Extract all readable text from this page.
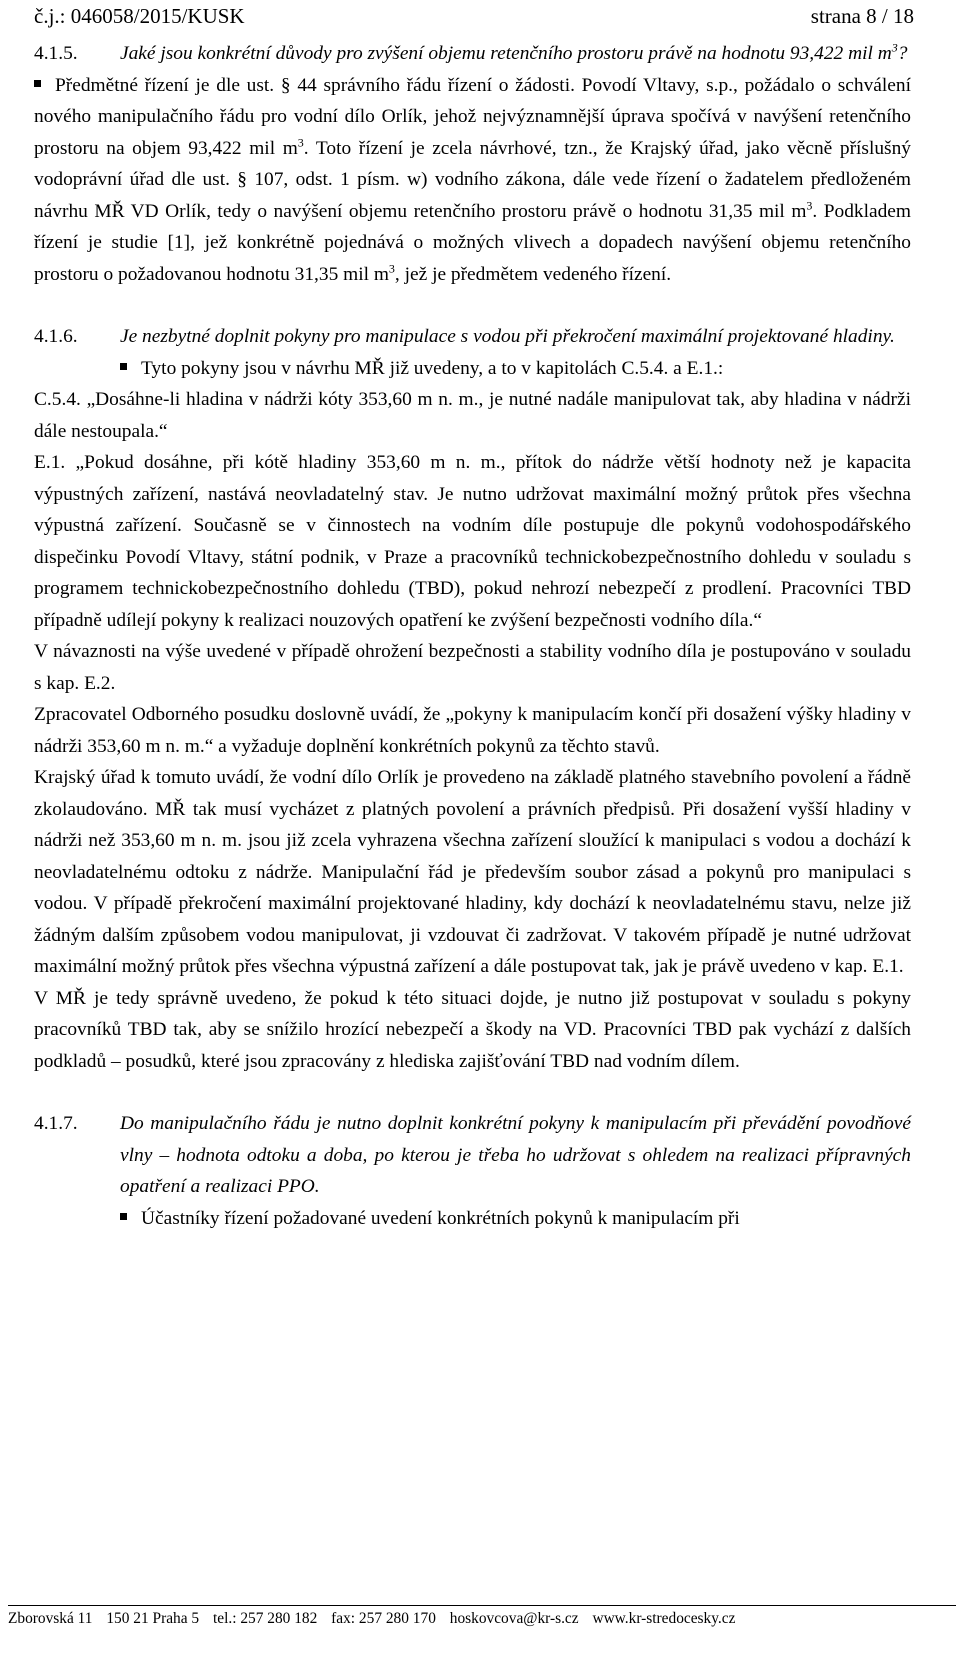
č.j.: 046058/2015/KUSK	strana 8 / 18
4.1.5.	Jaké jsou konkrétní důvody pro zvýšení objemu retenčního prostoru právě na hodnotu 93,422 mil $m^3$?

Předmětné řízení je dle ust. § 44 správního řádu řízení o žádosti. Povodí Vltavy, s.p., požádalo o schválení nového manipulačního řádu pro vodní dílo Orlík, jehož nejvýznamnější úprava spočívá v navýšení retenčního prostoru na objem 93,422 mil $m^3$. Toto řízení je zcela návrhové, tzn., že Krajský úřad, jako věcně příslušný vodoprávní úřad dle ust. § 107, odst. 1 písm. w) vodního zákona, dále vede řízení o žadatelem předloženém návrhu MŘ VD Orlík, tedy o navýšení objemu retenčního prostoru právě o hodnotu 31,35 mil $m^3$. Podkladem řízení je studie [1], jež konkrétně pojednává o možných vlivech a dopadech navýšení objemu retenčního prostoru o požadovanou hodnotu 31,35 mil $m^3$, jež je předmětem vedeného řízení.

4.1.6.	Je nezbytné doplnit pokyny pro manipulace s vodou při překročení maximální projektované hladiny.

Tyto pokyny jsou v návrhu MŘ již uvedeny, a to v kapitolách C.5.4. a E.1.:

C.5.4. „Dosáhne-li hladina v nádrži kóty 353,60 m n. m., je nutné nadále manipulovat tak, aby hladina v nádrži dále nestoupala.“

E.1. „Pokud dosáhne, při kótě hladiny 353,60 m n. m., přítok do nádrže větší hodnoty než je kapacita výpustných zařízení, nastává neovladatelný stav. Je nutno udržovat maximální možný průtok přes všechna výpustná zařízení. Současně se v činnostech na vodním díle postupuje dle pokynů vodohospodářského dispečinku Povodí Vltavy, státní podnik, v Praze a pracovníků technickobezpečnostního dohledu v souladu s programem technickobezpečnostního dohledu (TBD), pokud nehrozí nebezpečí z prodlení. Pracovníci TBD případně udílejí pokyny k realizaci nouzových opatření ke zvýšení bezpečnosti vodního díla.“

V návaznosti na výše uvedené v případě ohrožení bezpečnosti a stability vodního díla je postupováno v souladu s kap. E.2.

Zpracovatel Odborného posudku doslovně uvádí, že „pokyny k manipulacím končí při dosažení výšky hladiny v nádrži 353,60 m n. m.“ a vyžaduje doplnění konkrétních pokynů za těchto stavů.

Krajský úřad k tomuto uvádí, že vodní dílo Orlík je provedeno na základě platného stavebního povolení a řádně zkolaudováno. MŘ tak musí vycházet z platných povolení a právních předpisů. Při dosažení vyšší hladiny v nádrži než 353,60 m n. m. jsou již zcela vyhrazena všechna zařízení sloužící k manipulaci s vodou a dochází k neovladatelnému odtoku z nádrže. Manipulační řád je především soubor zásad a pokynů pro manipulaci s vodou. V případě překročení maximální projektované hladiny, kdy dochází k neovladatelnému stavu, nelze již žádným dalším způsobem vodou manipulovat, ji vzdouvat či zadržovat. V takovém případě je nutné udržovat maximální možný průtok přes všechna výpustná zařízení a dále postupovat tak, jak je právě uvedeno v kap. E.1.

V MŘ je tedy správně uvedeno, že pokud k této situaci dojde, je nutno již postupovat v souladu s pokyny pracovníků TBD tak, aby se snížilo hrozící nebezpečí a škody na VD. Pracovníci TBD pak vychází z dalších podkladů – posudků, které jsou zpracovány z hlediska zajišťování TBD nad vodním dílem.

4.1.7.	Do manipulačního řádu je nutno doplnit konkrétní pokyny k manipulacím při převádění povodňové vlny – hodnota odtoku a doba, po kterou je třeba ho udržovat s ohledem na realizaci přípravných opatření a realizaci PPO.

Účastníky řízení požadované uvedení konkrétních pokynů k manipulacím při

Zborovská 11 150 21 Praha 5 tel.: 257 280 182 fax: 257 280 170 hoskovcova@kr-s.cz www.kr-stredocesky.cz
